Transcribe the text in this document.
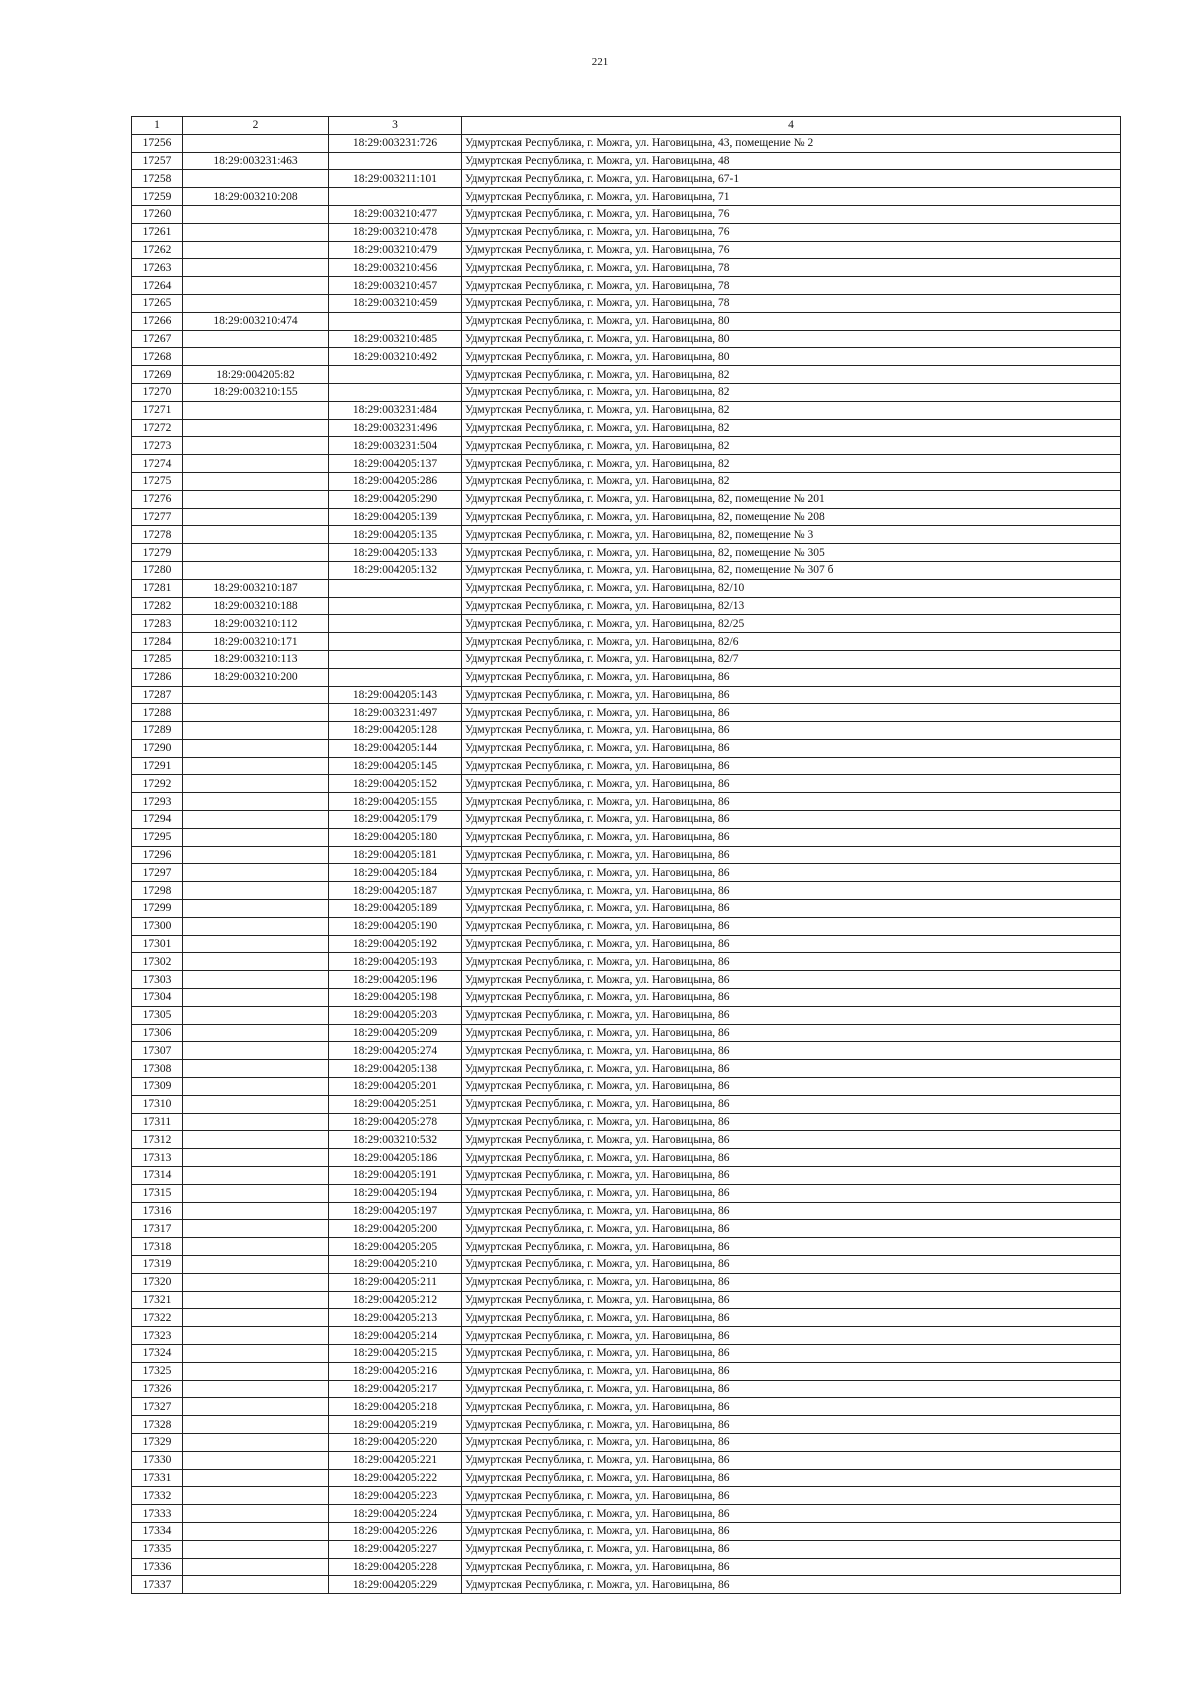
221
1	2	3	4
17256		18:29:003231:726	Удмуртская Республика, г. Можга, ул. Наговицына, 43, помещение № 2
17257	18:29:003231:463		Удмуртская Республика, г. Можга, ул. Наговицына, 48
17258		18:29:003211:101	Удмуртская Республика, г. Можга, ул. Наговицына, 67-1
17259	18:29:003210:208		Удмуртская Республика, г. Можга, ул. Наговицына, 71
17260		18:29:003210:477	Удмуртская Республика, г. Можга, ул. Наговицына, 76
17261		18:29:003210:478	Удмуртская Республика, г. Можга, ул. Наговицына, 76
17262		18:29:003210:479	Удмуртская Республика, г. Можга, ул. Наговицына, 76
17263		18:29:003210:456	Удмуртская Республика, г. Можга, ул. Наговицына, 78
17264		18:29:003210:457	Удмуртская Республика, г. Можга, ул. Наговицына, 78
17265		18:29:003210:459	Удмуртская Республика, г. Можга, ул. Наговицына, 78
17266	18:29:003210:474		Удмуртская Республика, г. Можга, ул. Наговицына, 80
17267		18:29:003210:485	Удмуртская Республика, г. Можга, ул. Наговицына, 80
17268		18:29:003210:492	Удмуртская Республика, г. Можга, ул. Наговицына, 80
17269	18:29:004205:82		Удмуртская Республика, г. Можга, ул. Наговицына, 82
17270	18:29:003210:155		Удмуртская Республика, г. Можга, ул. Наговицына, 82
17271		18:29:003231:484	Удмуртская Республика, г. Можга, ул. Наговицына, 82
17272		18:29:003231:496	Удмуртская Республика, г. Можга, ул. Наговицына, 82
17273		18:29:003231:504	Удмуртская Республика, г. Можга, ул. Наговицына, 82
17274		18:29:004205:137	Удмуртская Республика, г. Можга, ул. Наговицына, 82
17275		18:29:004205:286	Удмуртская Республика, г. Можга, ул. Наговицына, 82
17276		18:29:004205:290	Удмуртская Республика, г. Можга, ул. Наговицына, 82, помещение № 201
17277		18:29:004205:139	Удмуртская Республика, г. Можга, ул. Наговицына, 82, помещение № 208
17278		18:29:004205:135	Удмуртская Республика, г. Можга, ул. Наговицына, 82, помещение № 3
17279		18:29:004205:133	Удмуртская Республика, г. Можга, ул. Наговицына, 82, помещение № 305
17280		18:29:004205:132	Удмуртская Республика, г. Можга, ул. Наговицына, 82, помещение № 307 б
17281	18:29:003210:187		Удмуртская Республика, г. Можга, ул. Наговицына, 82/10
17282	18:29:003210:188		Удмуртская Республика, г. Можга, ул. Наговицына, 82/13
17283	18:29:003210:112		Удмуртская Республика, г. Можга, ул. Наговицына, 82/25
17284	18:29:003210:171		Удмуртская Республика, г. Можга, ул. Наговицына, 82/6
17285	18:29:003210:113		Удмуртская Республика, г. Можга, ул. Наговицына, 82/7
17286	18:29:003210:200		Удмуртская Республика, г. Можга, ул. Наговицына, 86
17287		18:29:004205:143	Удмуртская Республика, г. Можга, ул. Наговицына, 86
17288		18:29:003231:497	Удмуртская Республика, г. Можга, ул. Наговицына, 86
17289		18:29:004205:128	Удмуртская Республика, г. Можга, ул. Наговицына, 86
17290		18:29:004205:144	Удмуртская Республика, г. Можга, ул. Наговицына, 86
17291		18:29:004205:145	Удмуртская Республика, г. Можга, ул. Наговицына, 86
17292		18:29:004205:152	Удмуртская Республика, г. Можга, ул. Наговицына, 86
17293		18:29:004205:155	Удмуртская Республика, г. Можга, ул. Наговицына, 86
17294		18:29:004205:179	Удмуртская Республика, г. Можга, ул. Наговицына, 86
17295		18:29:004205:180	Удмуртская Республика, г. Можга, ул. Наговицына, 86
17296		18:29:004205:181	Удмуртская Республика, г. Можга, ул. Наговицына, 86
17297		18:29:004205:184	Удмуртская Республика, г. Можга, ул. Наговицына, 86
17298		18:29:004205:187	Удмуртская Республика, г. Можга, ул. Наговицына, 86
17299		18:29:004205:189	Удмуртская Республика, г. Можга, ул. Наговицына, 86
17300		18:29:004205:190	Удмуртская Республика, г. Можга, ул. Наговицына, 86
17301		18:29:004205:192	Удмуртская Республика, г. Можга, ул. Наговицына, 86
17302		18:29:004205:193	Удмуртская Республика, г. Можга, ул. Наговицына, 86
17303		18:29:004205:196	Удмуртская Республика, г. Можга, ул. Наговицына, 86
17304		18:29:004205:198	Удмуртская Республика, г. Можга, ул. Наговицына, 86
17305		18:29:004205:203	Удмуртская Республика, г. Можга, ул. Наговицына, 86
17306		18:29:004205:209	Удмуртская Республика, г. Можга, ул. Наговицына, 86
17307		18:29:004205:274	Удмуртская Республика, г. Можга, ул. Наговицына, 86
17308		18:29:004205:138	Удмуртская Республика, г. Можга, ул. Наговицына, 86
17309		18:29:004205:201	Удмуртская Республика, г. Можга, ул. Наговицына, 86
17310		18:29:004205:251	Удмуртская Республика, г. Можга, ул. Наговицына, 86
17311		18:29:004205:278	Удмуртская Республика, г. Можга, ул. Наговицына, 86
17312		18:29:003210:532	Удмуртская Республика, г. Можга, ул. Наговицына, 86
17313		18:29:004205:186	Удмуртская Республика, г. Можга, ул. Наговицына, 86
17314		18:29:004205:191	Удмуртская Республика, г. Можга, ул. Наговицына, 86
17315		18:29:004205:194	Удмуртская Республика, г. Можга, ул. Наговицына, 86
17316		18:29:004205:197	Удмуртская Республика, г. Можга, ул. Наговицына, 86
17317		18:29:004205:200	Удмуртская Республика, г. Можга, ул. Наговицына, 86
17318		18:29:004205:205	Удмуртская Республика, г. Можга, ул. Наговицына, 86
17319		18:29:004205:210	Удмуртская Республика, г. Можга, ул. Наговицына, 86
17320		18:29:004205:211	Удмуртская Республика, г. Можга, ул. Наговицына, 86
17321		18:29:004205:212	Удмуртская Республика, г. Можга, ул. Наговицына, 86
17322		18:29:004205:213	Удмуртская Республика, г. Можга, ул. Наговицына, 86
17323		18:29:004205:214	Удмуртская Республика, г. Можга, ул. Наговицына, 86
17324		18:29:004205:215	Удмуртская Республика, г. Можга, ул. Наговицына, 86
17325		18:29:004205:216	Удмуртская Республика, г. Можга, ул. Наговицына, 86
17326		18:29:004205:217	Удмуртская Республика, г. Можга, ул. Наговицына, 86
17327		18:29:004205:218	Удмуртская Республика, г. Можга, ул. Наговицына, 86
17328		18:29:004205:219	Удмуртская Республика, г. Можга, ул. Наговицына, 86
17329		18:29:004205:220	Удмуртская Республика, г. Можга, ул. Наговицына, 86
17330		18:29:004205:221	Удмуртская Республика, г. Можга, ул. Наговицына, 86
17331		18:29:004205:222	Удмуртская Республика, г. Можга, ул. Наговицына, 86
17332		18:29:004205:223	Удмуртская Республика, г. Можга, ул. Наговицына, 86
17333		18:29:004205:224	Удмуртская Республика, г. Можга, ул. Наговицына, 86
17334		18:29:004205:226	Удмуртская Республика, г. Можга, ул. Наговицына, 86
17335		18:29:004205:227	Удмуртская Республика, г. Можга, ул. Наговицына, 86
17336		18:29:004205:228	Удмуртская Республика, г. Можга, ул. Наговицына, 86
17337		18:29:004205:229	Удмуртская Республика, г. Можга, ул. Наговицына, 86
